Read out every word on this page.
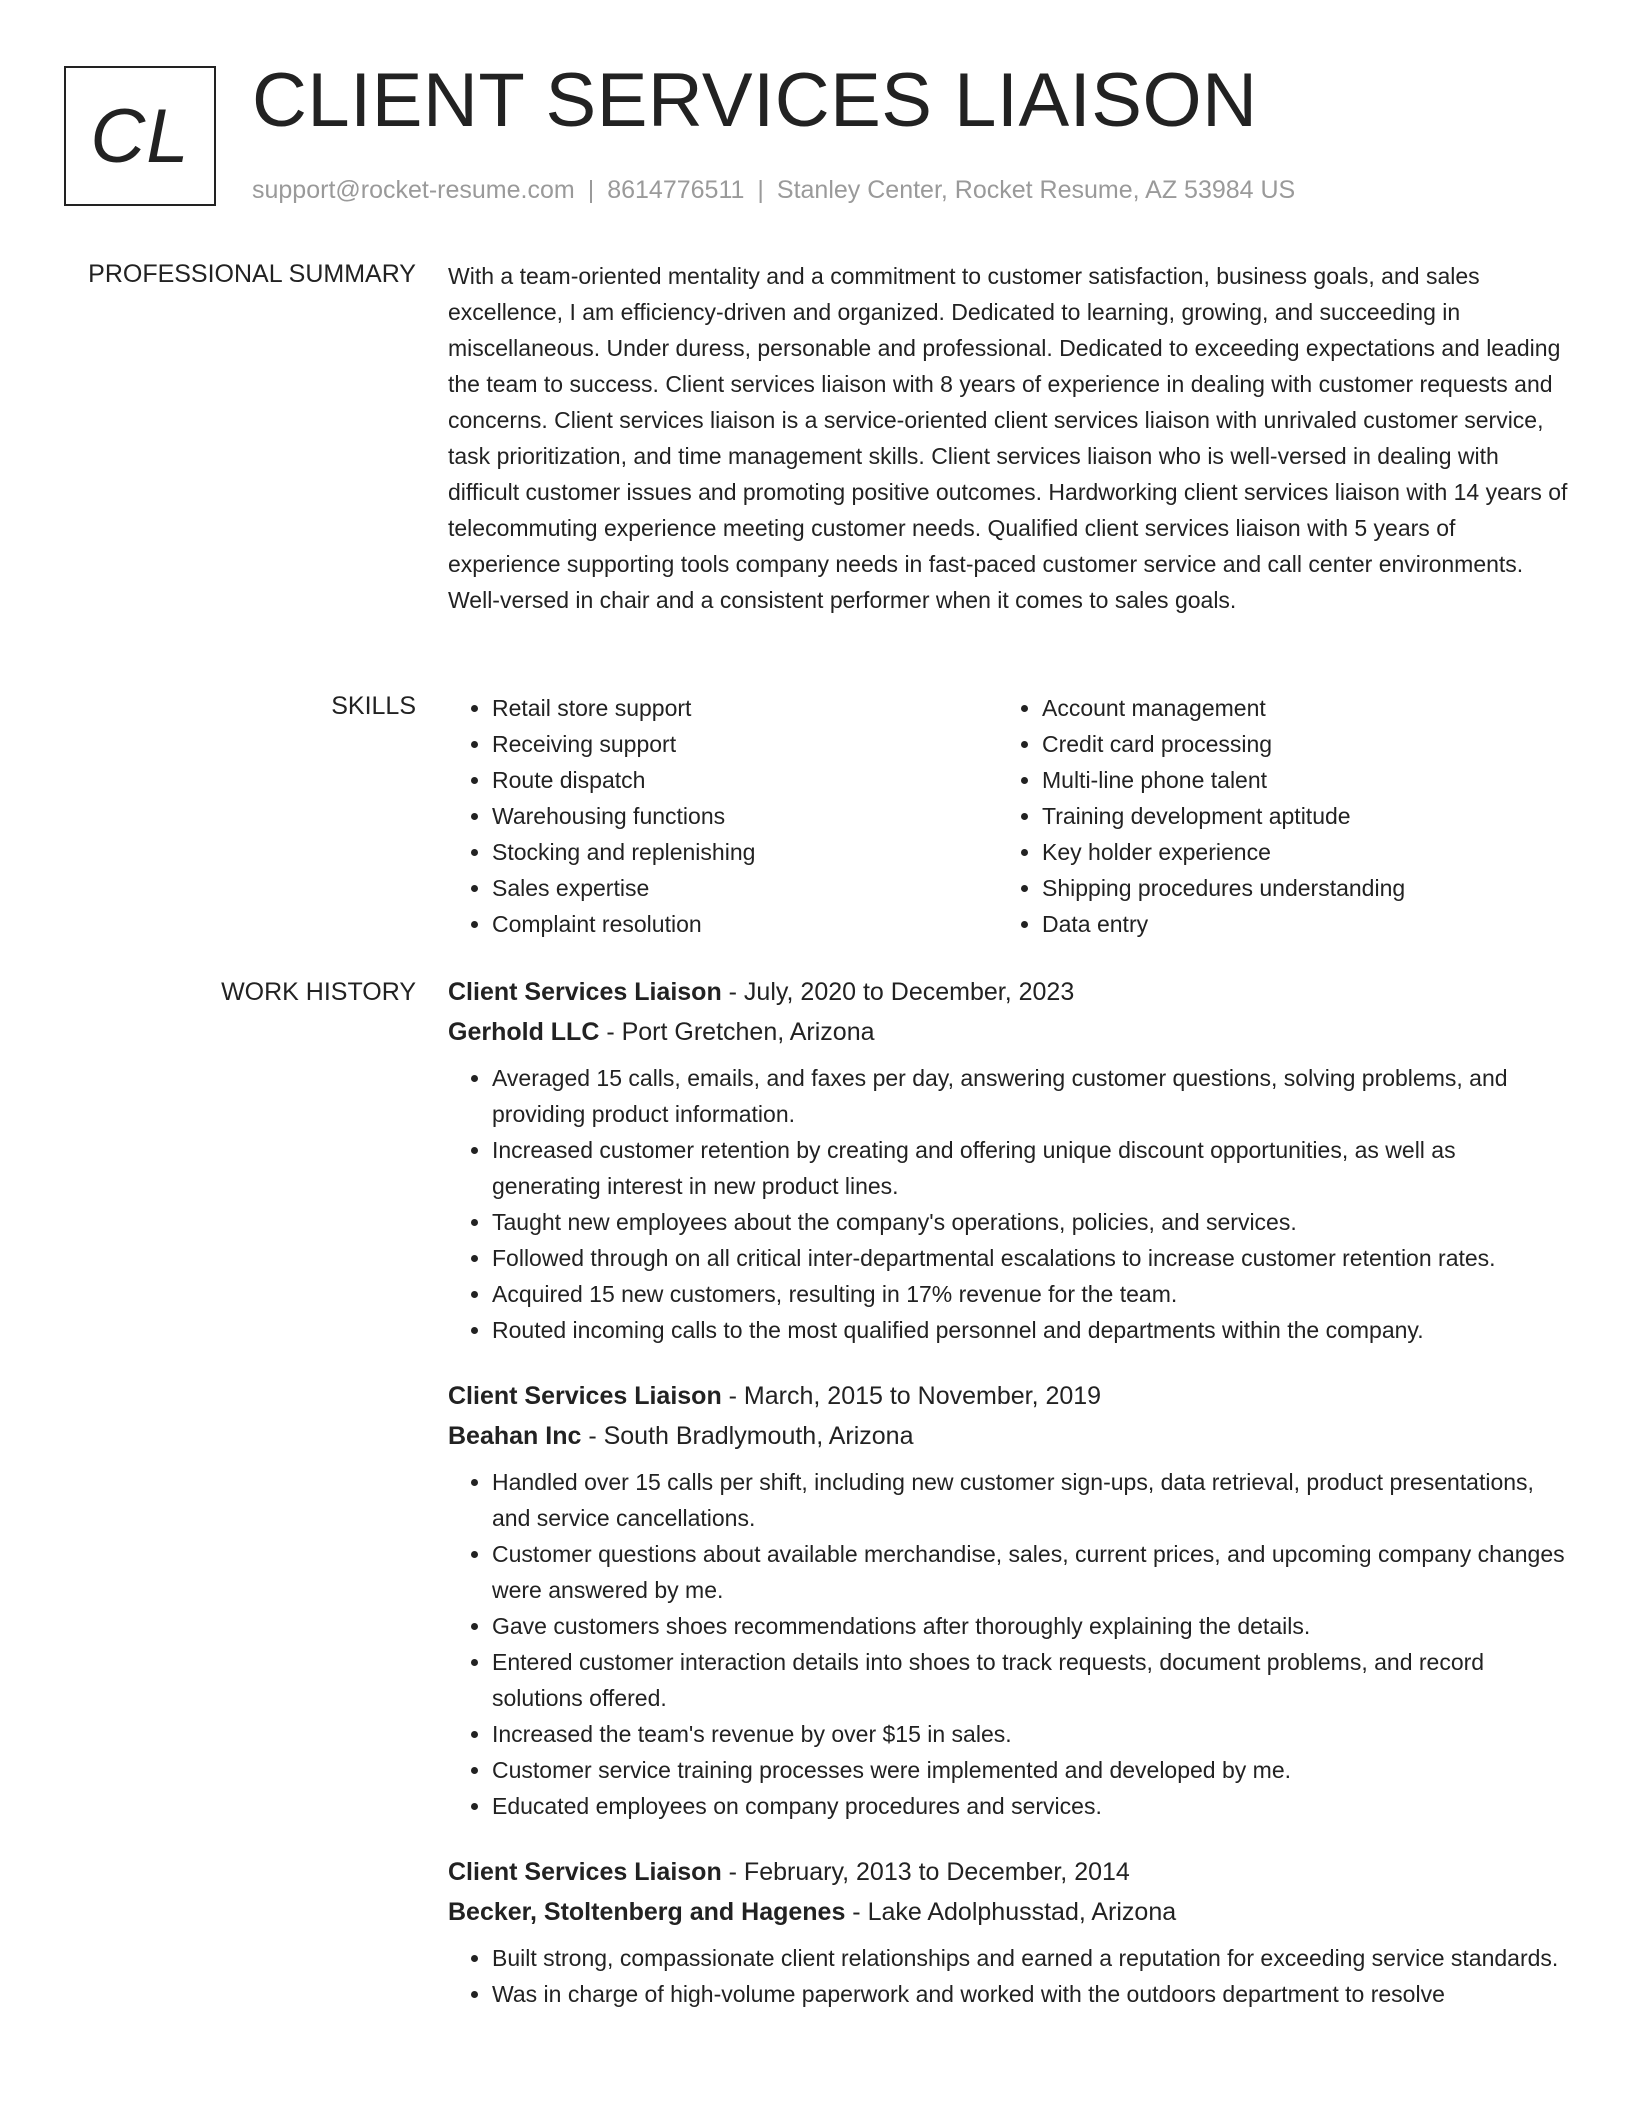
CL CLIENT SERVICES LIAISON
support@rocket-resume.com | 8614776511 | Stanley Center, Rocket Resume, AZ 53984 US
PROFESSIONAL SUMMARY With a team-oriented mentality and a commitment to customer satisfaction, business goals, and sales excellence, I am efficiency-driven and organized. Dedicated to learning, growing, and succeeding in miscellaneous. Under duress, personable and professional. Dedicated to exceeding expectations and leading the team to success. Client services liaison with 8 years of experience in dealing with customer requests and concerns. Client services liaison is a service-oriented client services liaison with unrivaled customer service, task prioritization, and time management skills. Client services liaison who is well-versed in dealing with difficult customer issues and promoting positive outcomes. Hardworking client services liaison with 14 years of telecommuting experience meeting customer needs. Qualified client services liaison with 5 years of experience supporting tools company needs in fast-paced customer service and call center environments. Well-versed in chair and a consistent performer when it comes to sales goals.

SKILLS
•	Retail store support
• Receiving support
• Route dispatch
• Warehousing functions
• Stocking and replenishing
• Sales expertise
• Complaint resolution
• Account management
• Credit card processing
• Multi-line phone talent
• Training development aptitude
• Key holder experience
• Shipping procedures understanding
• Data entry
WORK HISTORY Client Services Liaison - July, 2020 to December, 2023
Gerhold LLC - Port Gretchen, Arizona
• Averaged 15 calls, emails, and faxes per day, answering customer questions, solving problems, and providing product information.
• Increased customer retention by creating and offering unique discount opportunities, as well as generating interest in new product lines.
• Taught new employees about the company's operations, policies, and services.
• Followed through on all critical inter-departmental escalations to increase customer retention rates.
• Acquired 15 new customers, resulting in 17% revenue for the team.
• Routed incoming calls to the most qualified personnel and departments within the company.
Client Services Liaison - March, 2015 to November, 2019
Beahan Inc - South Bradlymouth, Arizona
• Handled over 15 calls per shift, including new customer sign-ups, data retrieval, product presentations, and service cancellations.
• Customer questions about available merchandise, sales, current prices, and upcoming company changes were answered by me.
• Gave customers shoes recommendations after thoroughly explaining the details.
• Entered customer interaction details into shoes to track requests, document problems, and record solutions offered.
• Increased the team's revenue by over $15 in sales.
• Customer service training processes were implemented and developed by me.
• Educated employees on company procedures and services.
Client Services Liaison - February, 2013 to December, 2014
Becker, Stoltenberg and Hagenes - Lake Adolphusstad, Arizona
• Built strong, compassionate client relationships and earned a reputation for exceeding service standards.
• Was in charge of high-volume paperwork and worked with the outdoors department to resolve
